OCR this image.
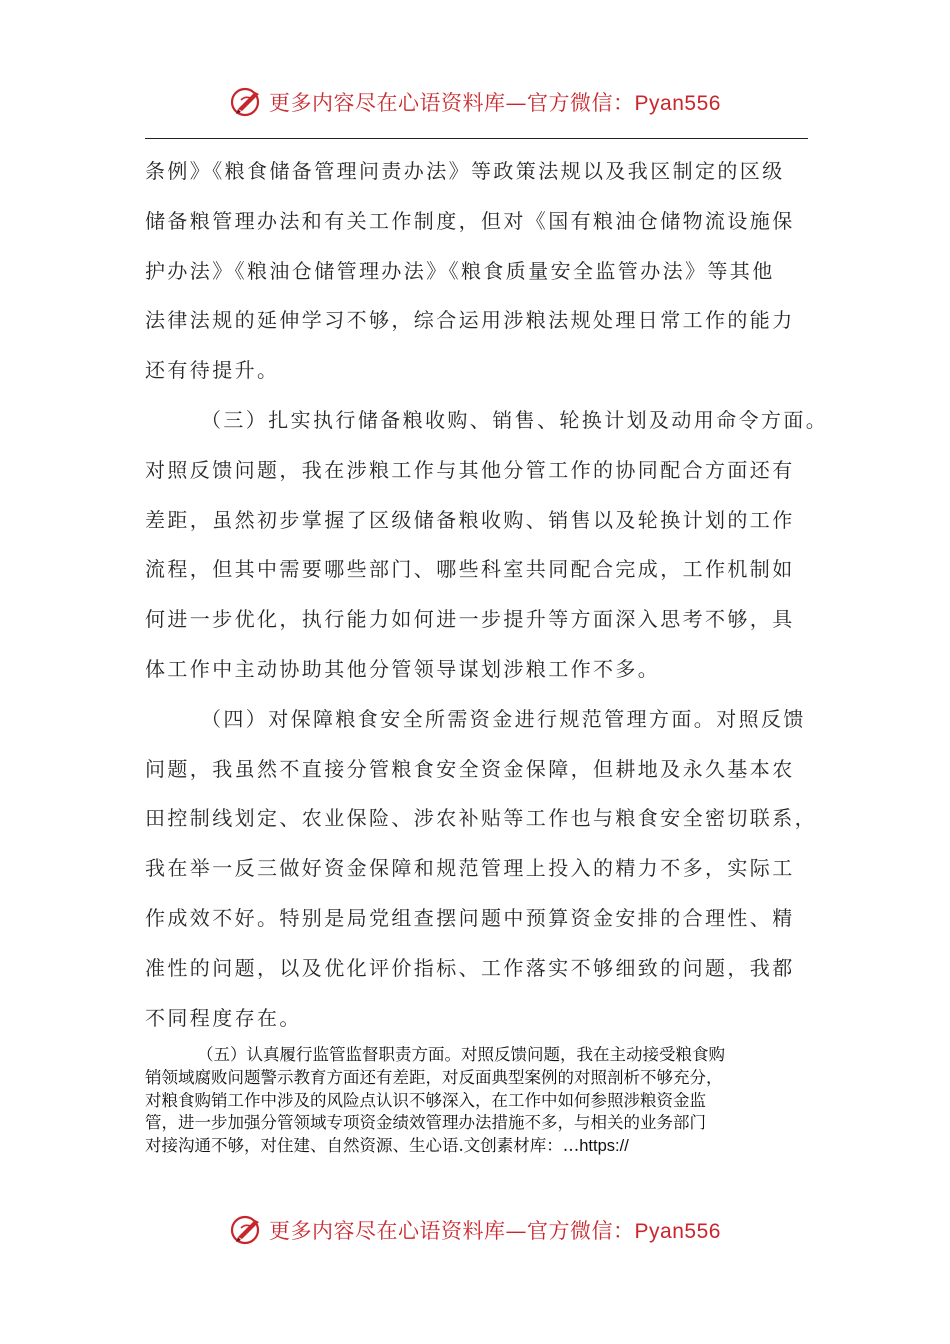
更多内容尽在心语资料库—官方微信：Pyan556

条例》《粮食储备管理问责办法》等政策法规以及我区制定的区级
储备粮管理办法和有关工作制度，但对《国有粮油仓储物流设施保
护办法》《粮油仓储管理办法》《粮食质量安全监管办法》等其他
法律法规的延伸学习不够，综合运用涉粮法规处理日常工作的能力
还有待提升。

（三）扎实执行储备粮收购、销售、轮换计划及动用命令方面。
对照反馈问题，我在涉粮工作与其他分管工作的协同配合方面还有
差距，虽然初步掌握了区级储备粮收购、销售以及轮换计划的工作
流程，但其中需要哪些部门、哪些科室共同配合完成，工作机制如
何进一步优化，执行能力如何进一步提升等方面深入思考不够，具
体工作中主动协助其他分管领导谋划涉粮工作不多。

（四）对保障粮食安全所需资金进行规范管理方面。对照反馈
问题，我虽然不直接分管粮食安全资金保障，但耕地及永久基本农
田控制线划定、农业保险、涉农补贴等工作也与粮食安全密切联系，
我在举一反三做好资金保障和规范管理上投入的精力不多，实际工
作成效不好。特别是局党组查摆问题中预算资金安排的合理性、精
准性的问题，以及优化评价指标、工作落实不够细致的问题，我都
不同程度存在。

（五）认真履行监管监督职责方面。对照反馈问题，我在主动接受粮食购
销领域腐败问题警示教育方面还有差距，对反面典型案例的对照剖析不够充分，
对粮食购销工作中涉及的风险点认识不够深入，在工作中如何参照涉粮资金监
管，进一步加强分管领域专项资金绩效管理办法措施不多，与相关的业务部门
对接沟通不够，对住建、自然资源、生心语.文创素材库：…https://

更多内容尽在心语资料库—官方微信：Pyan556
